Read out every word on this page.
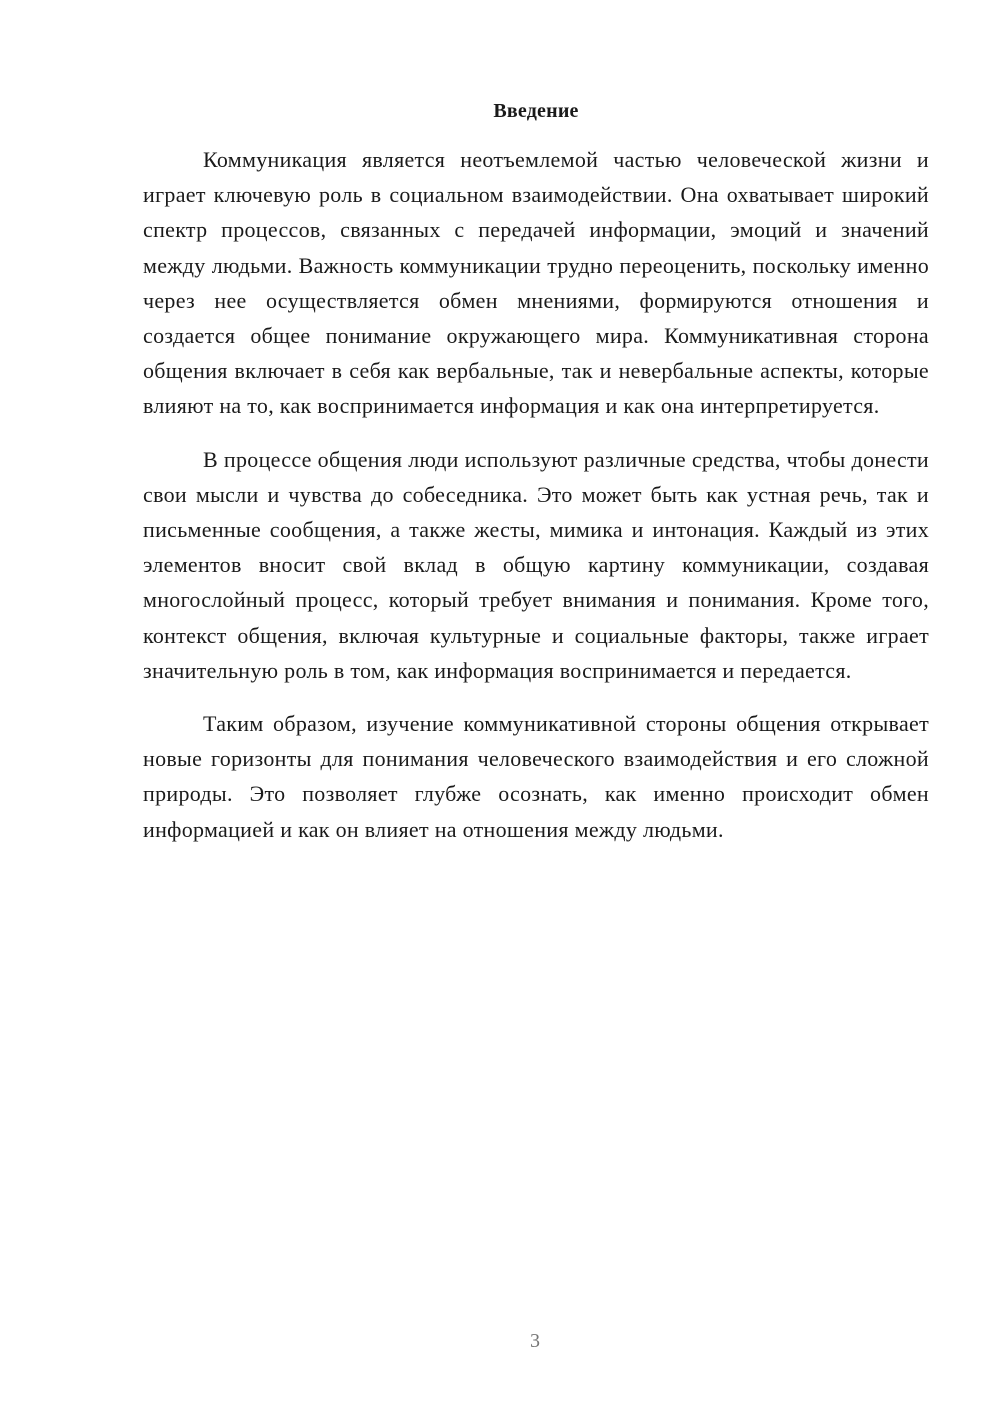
Введение

Коммуникация является неотъемлемой частью человеческой жизни и играет ключевую роль в социальном взаимодействии. Она охватывает широкий спектр процессов, связанных с передачей информации, эмоций и значений между людьми. Важность коммуникации трудно переоценить, поскольку именно через нее осуществляется обмен мнениями, формируются отношения и создается общее понимание окружающего мира. Коммуникативная сторона общения включает в себя как вербальные, так и невербальные аспекты, которые влияют на то, как воспринимается информация и как она интерпретируется.

В процессе общения люди используют различные средства, чтобы донести свои мысли и чувства до собеседника. Это может быть как устная речь, так и письменные сообщения, а также жесты, мимика и интонация. Каждый из этих элементов вносит свой вклад в общую картину коммуникации, создавая многослойный процесс, который требует внимания и понимания. Кроме того, контекст общения, включая культурные и социальные факторы, также играет значительную роль в том, как информация воспринимается и передается.

Таким образом, изучение коммуникативной стороны общения открывает новые горизонты для понимания человеческого взаимодействия и его сложной природы. Это позволяет глубже осознать, как именно происходит обмен информацией и как он влияет на отношения между людьми.

3
